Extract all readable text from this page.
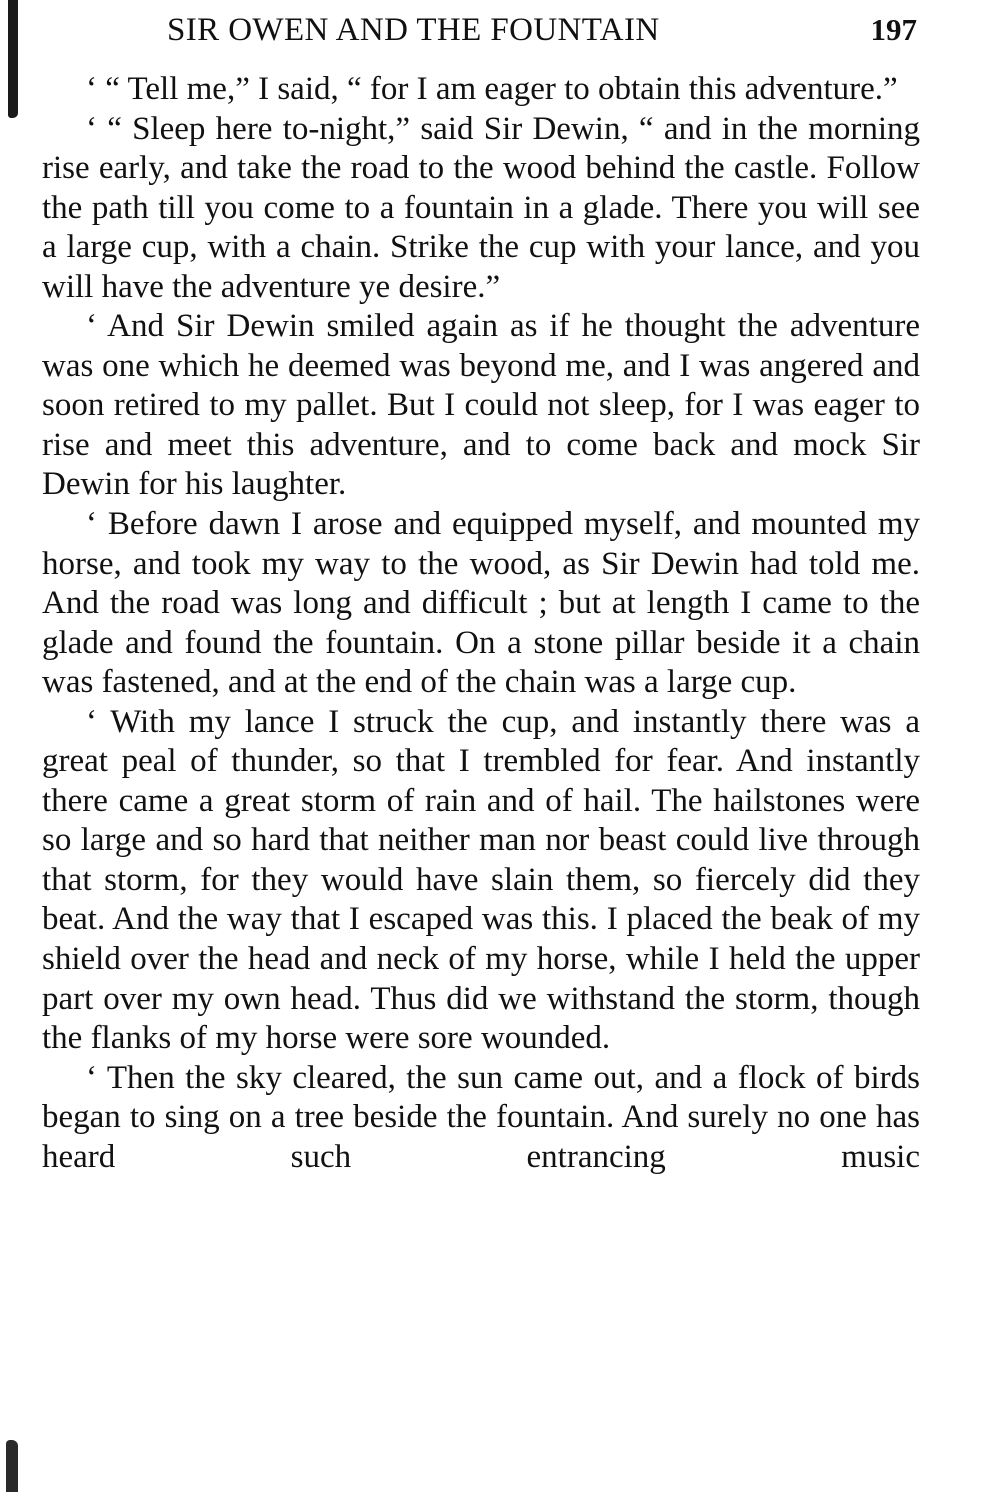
SIR OWEN AND THE FOUNTAIN	197

‘ “ Tell me,” I said, “ for I am eager to obtain this adventure.”

‘ “ Sleep here to-night,” said Sir Dewin, “ and in the morning rise early, and take the road to the wood behind the castle. Follow the path till you come to a fountain in a glade. There you will see a large cup, with a chain. Strike the cup with your lance, and you will have the adventure ye desire.”

‘ And Sir Dewin smiled again as if he thought the adventure was one which he deemed was beyond me, and I was angered and soon retired to my pallet. But I could not sleep, for I was eager to rise and meet this adventure, and to come back and mock Sir Dewin for his laughter.

‘ Before dawn I arose and equipped myself, and mounted my horse, and took my way to the wood, as Sir Dewin had told me. And the road was long and difficult ; but at length I came to the glade and found the fountain. On a stone pillar beside it a chain was fastened, and at the end of the chain was a large cup.

‘ With my lance I struck the cup, and instantly there was a great peal of thunder, so that I trembled for fear. And instantly there came a great storm of rain and of hail. The hailstones were so large and so hard that neither man nor beast could live through that storm, for they would have slain them, so fiercely did they beat. And the way that I escaped was this. I placed the beak of my shield over the head and neck of my horse, while I held the upper part over my own head. Thus did we withstand the storm, though the flanks of my horse were sore wounded.

‘ Then the sky cleared, the sun came out, and a flock of birds began to sing on a tree beside the fountain. And surely no one has heard such entrancing music
